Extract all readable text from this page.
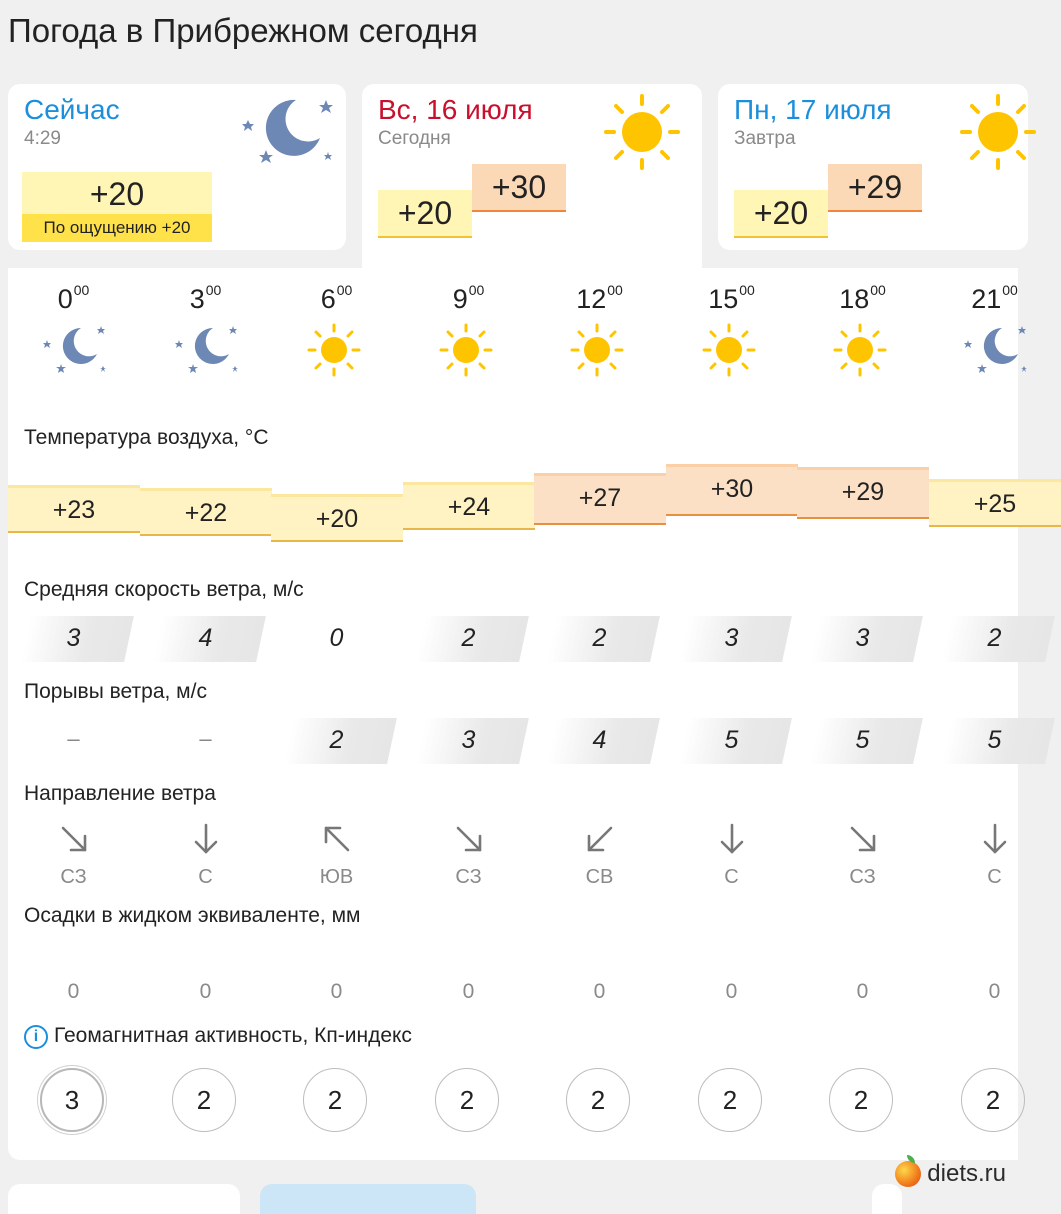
Погода в Прибрежном сегодня
Сейчас
4:29
+20
По ощущению +20
Вс, 16 июля
Сегодня
+20
+30
Пн, 17 июля
Завтра
+20
+29
Температура воздуха, °C
Средняя скорость ветра, м/с
Порывы ветра, м/с
Направление ветра
Осадки в жидком эквиваленте, мм
i Геомагнитная активность, Кп-индекс
$0^{00}$
+23
3
–
СЗ
0
3
$3^{00}$
+22
4
–
С
0
2
$6^{00}$
+20
0
2
ЮВ
0
2
$9^{00}$
+24
2
3
СЗ
0
2
$12^{00}$
+27
2
4
СВ
0
2
$15^{00}$
+30
3
5
С
0
2
$18^{00}$
+29
3
5
СЗ
0
2
$21^{00}$
+25
2
5
С
0
2
diets.ru
